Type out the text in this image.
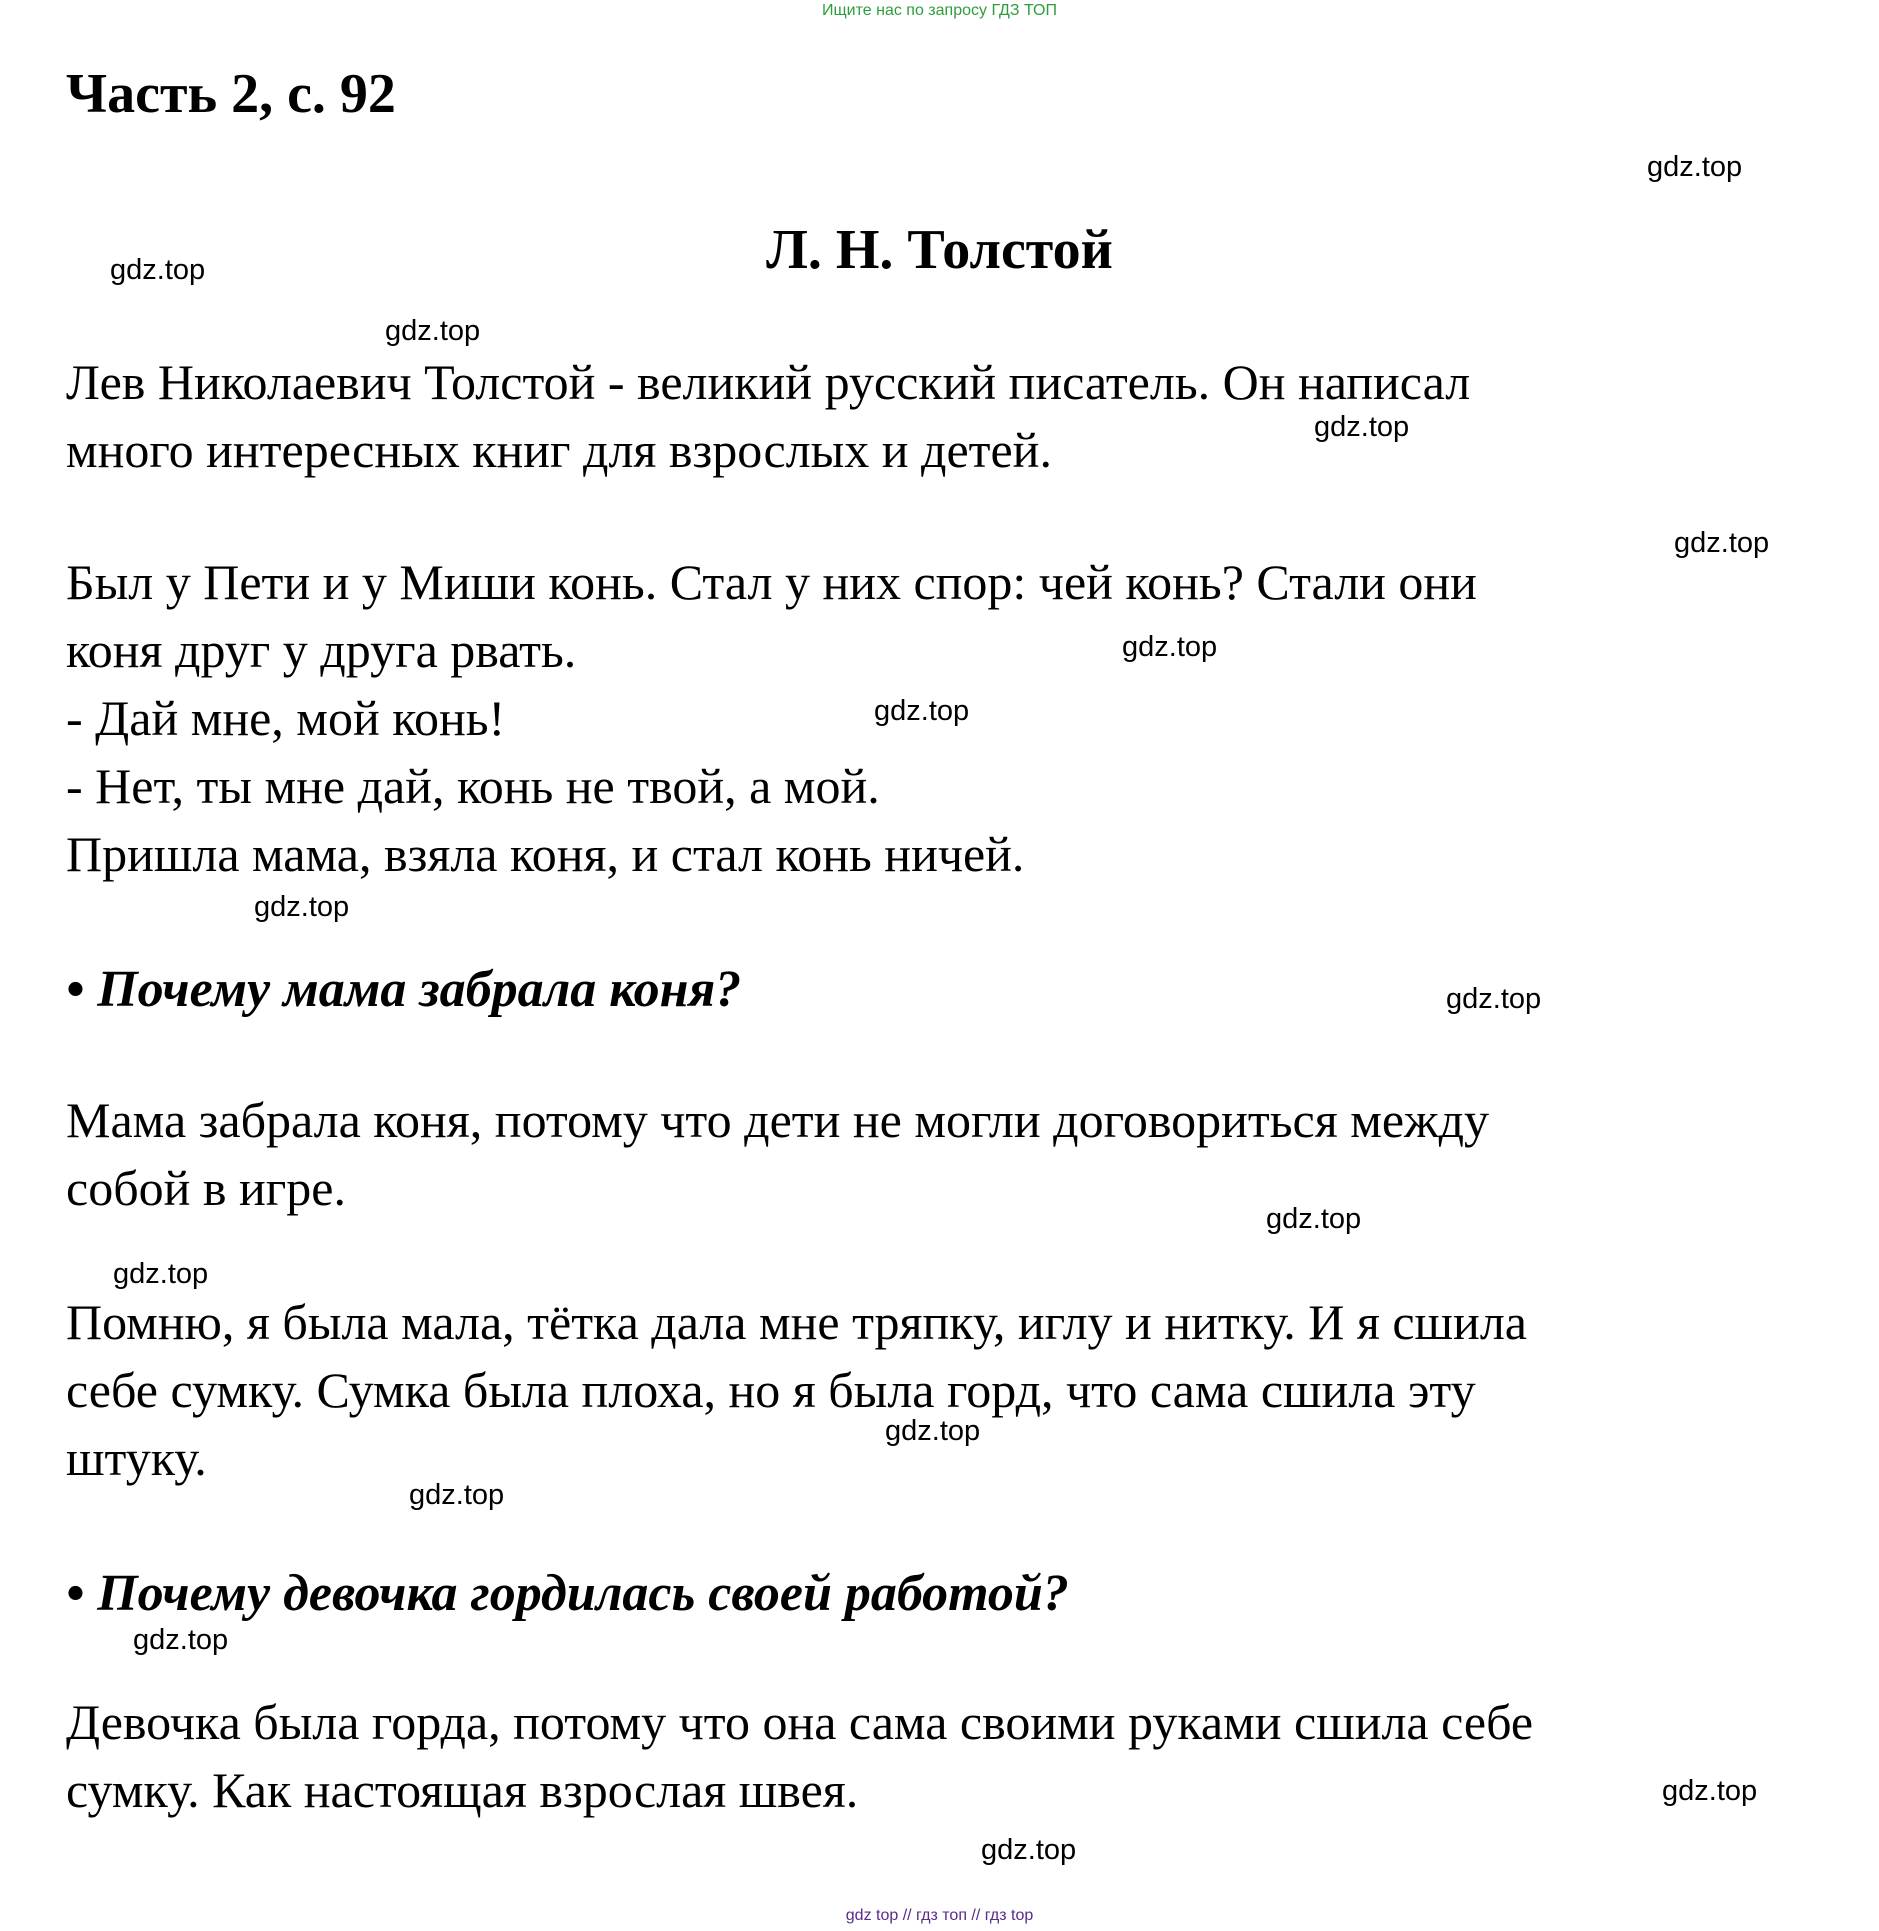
Ищите нас по запросу ГДЗ ТОП
Часть 2, с. 92
Л. Н. Толстой

Лев Николаевич Толстой - великий русский писатель. Он написал

много интересных книг для взрослых и детей.

Был у Пети и у Миши конь. Стал у них спор: чей конь? Стали они

коня друг у друга рвать.

- Дай мне, мой конь!

- Нет, ты мне дай, конь не твой, а мой.

Пришла мама, взяла коня, и стал конь ничей.

• Почему мама забрала коня?

Мама забрала коня, потому что дети не могли договориться между

собой в игре.

Помню, я была мала, тётка дала мне тряпку, иглу и нитку. И я сшила

себе сумку. Сумка была плоха, но я была горд, что сама сшила эту

штуку.

• Почему девочка гордилась своей работой?

Девочка была горда, потому что она сама своими руками сшила себе

сумку. Как настоящая взрослая швея.

gdz.top
gdz.top
gdz.top
gdz.top
gdz.top
gdz.top
gdz.top
gdz.top
gdz.top
gdz.top
gdz.top
gdz.top
gdz.top
gdz.top
gdz.top
gdz.top
gdz top // гдз топ // гдз top
